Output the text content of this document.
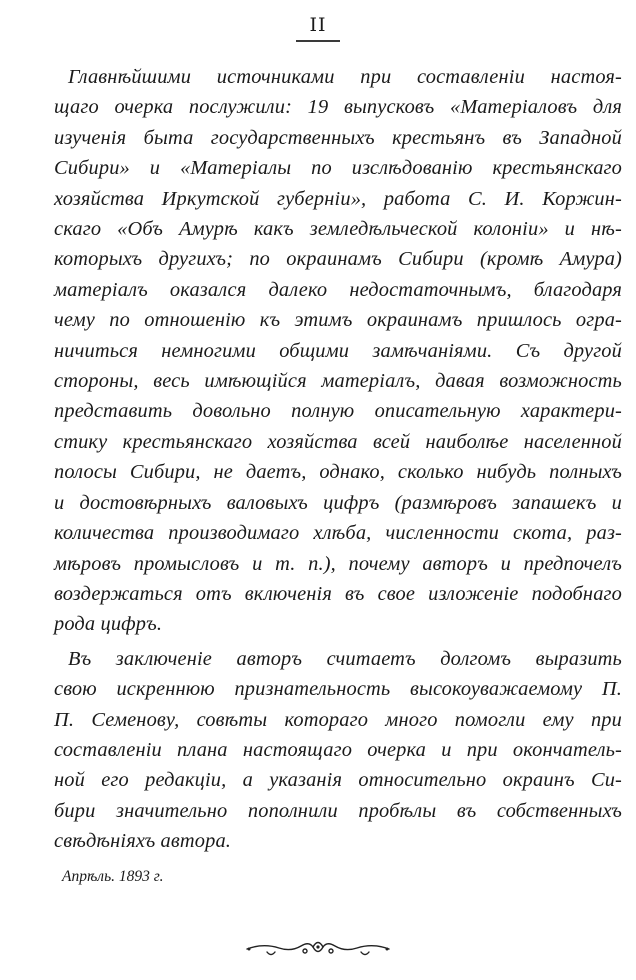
II
Главнѣйшими источниками при составленіи настоя-
щаго очерка послужили: 19 выпусковъ «Матеріаловъ для
изученія быта государственныхъ крестьянъ въ Западной
Сибири» и «Матеріалы по изслѣдованію крестьянскаго
хозяйства Иркутской губерніи», работа С. И. Коржин-
скаго «Объ Амурѣ какъ земледѣльческой колоніи» и нѣ-
которыхъ другихъ; по окраинамъ Сибири (кромѣ Амура)
матеріалъ оказался далеко недостаточнымъ, благодаря
чему по отношенію къ этимъ окраинамъ пришлось огра-
ничиться немногими общими замѣчаніями. Съ другой
стороны, весь имѣющійся матеріалъ, давая возможность
представить довольно полную описательную характери-
стику крестьянскаго хозяйства всей наиболѣе населенной
полосы Сибири, не даетъ, однако, сколько нибудь полныхъ
и достовѣрныхъ валовыхъ цифръ (размѣровъ запашекъ и
количества производимаго хлѣба, численности скота, раз-
мѣровъ промысловъ и т. п.), почему авторъ и предпочелъ
воздержаться отъ включенія въ свое изложеніе подобнаго
рода цифръ.
Въ заключеніе авторъ считаетъ долгомъ выразить
свою искреннюю признательность высокоуважаемому П.
П. Семенову, совѣты котораго много помогли ему при
составленіи плана настоящаго очерка и при окончатель-
ной его редакціи, а указанія относительно окраинъ Си-
бири значительно пополнили пробѣлы въ собственныхъ
свѣдѣніяхъ автора.
Апрѣль. 1893 г.
